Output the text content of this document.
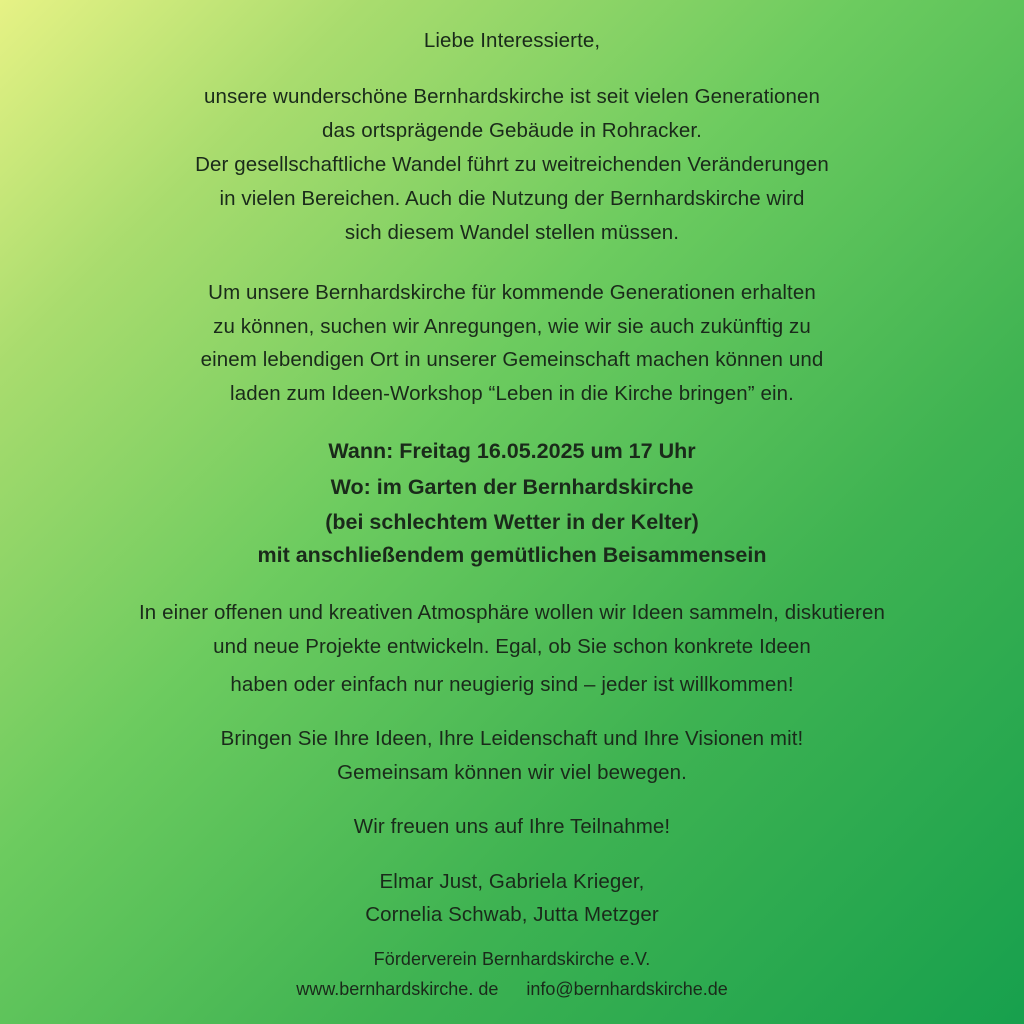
Liebe Interessierte,
unsere wunderschöne Bernhardskirche ist seit vielen Generationen
das ortsprägende Gebäude in Rohracker.
Der gesellschaftliche Wandel führt zu weitreichenden Veränderungen
in vielen Bereichen. Auch die Nutzung der Bernhardskirche wird
sich diesem Wandel stellen müssen.
Um unsere Bernhardskirche für kommende Generationen erhalten
zu können, suchen wir Anregungen, wie wir sie auch zukünftig zu
einem lebendigen Ort in unserer Gemeinschaft machen können und
laden zum Ideen-Workshop “Leben in die Kirche bringen” ein.
Wann: Freitag 16.05.2025 um 17 Uhr
Wo: im Garten der Bernhardskirche
(bei schlechtem Wetter in der Kelter)
mit anschließendem gemütlichen Beisammensein
In einer offenen und kreativen Atmosphäre wollen wir Ideen sammeln, diskutieren
und neue Projekte entwickeln. Egal, ob Sie schon konkrete Ideen
haben oder einfach nur neugierig sind – jeder ist willkommen!
Bringen Sie Ihre Ideen, Ihre Leidenschaft und Ihre Visionen mit!
Gemeinsam können wir viel bewegen.
Wir freuen uns auf Ihre Teilnahme!
Elmar Just, Gabriela Krieger,
Cornelia Schwab, Jutta Metzger
Förderverein Bernhardskirche e.V.
www.bernhardskirche. de info@bernhardskirche.de
